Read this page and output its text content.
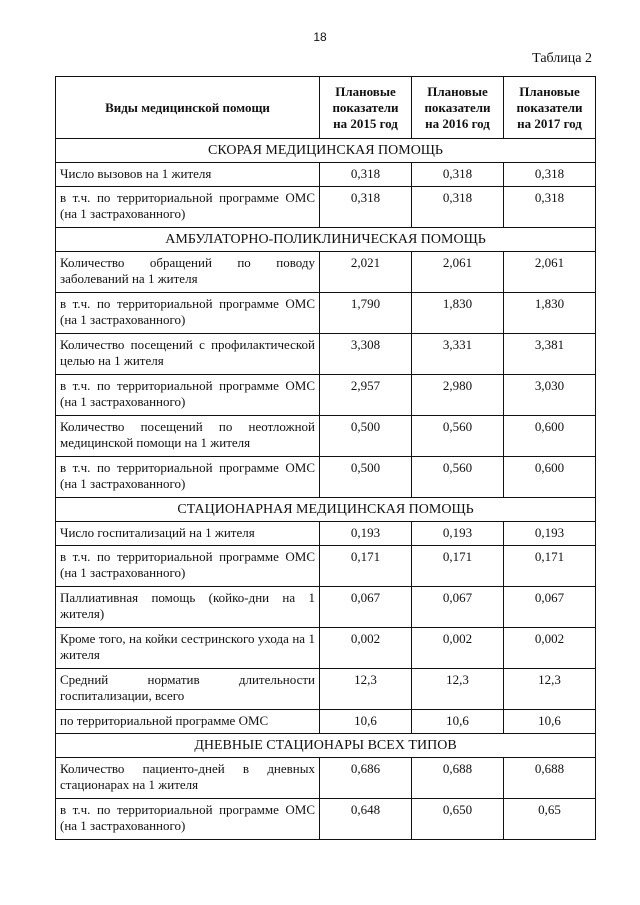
18
Таблица 2
Виды медицинской помощи	Плановые показатели на 2015 год	Плановые показатели на 2016 год	Плановые показатели на 2017 год
СКОРАЯ МЕДИЦИНСКАЯ ПОМОЩЬ			
Число вызовов на 1 жителя	0,318	0,318	0,318
в т.ч. по территориальной программе ОМС (на 1 застрахованного)	0,318	0,318	0,318
АМБУЛАТОРНО-ПОЛИКЛИНИЧЕСКАЯ ПОМОЩЬ			
Количество обращений по поводу заболеваний на 1 жителя	2,021	2,061	2,061
в т.ч. по территориальной программе ОМС (на 1 застрахованного)	1,790	1,830	1,830
Количество посещений с профилактической целью на 1 жителя	3,308	3,331	3,381
в т.ч. по территориальной программе ОМС (на 1 застрахованного)	2,957	2,980	3,030
Количество посещений по неотложной медицинской помощи на 1 жителя	0,500	0,560	0,600
в т.ч. по территориальной программе ОМС (на 1 застрахованного)	0,500	0,560	0,600
СТАЦИОНАРНАЯ МЕДИЦИНСКАЯ ПОМОЩЬ			
Число госпитализаций на 1 жителя	0,193	0,193	0,193
в т.ч. по территориальной программе ОМС (на 1 застрахованного)	0,171	0,171	0,171
Паллиативная помощь (койко-дни на 1 жителя)	0,067	0,067	0,067
Кроме того, на койки сестринского ухода на 1 жителя	0,002	0,002	0,002
Средний норматив длительности госпитализации, всего	12,3	12,3	12,3
по территориальной программе ОМС	10,6	10,6	10,6
ДНЕВНЫЕ СТАЦИОНАРЫ ВСЕХ ТИПОВ			
Количество пациенто-дней в дневных стационарах на 1 жителя	0,686	0,688	0,688
в т.ч. по территориальной программе ОМС (на 1 застрахованного)	0,648	0,650	0,65
